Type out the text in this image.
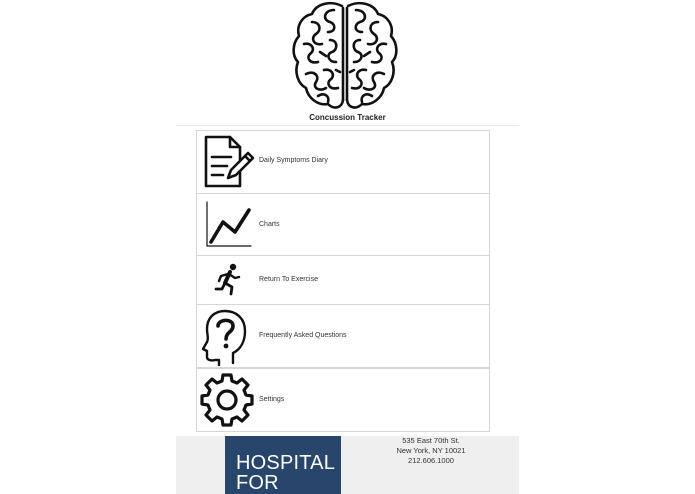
Concussion Tracker
Daily Symptoms Diary
Charts
Return To Exercise
Frequently Asked Questions
Settings
HOSPITAL
FOR
535 East 70th St.
New York, NY 10021
212.606.1000
